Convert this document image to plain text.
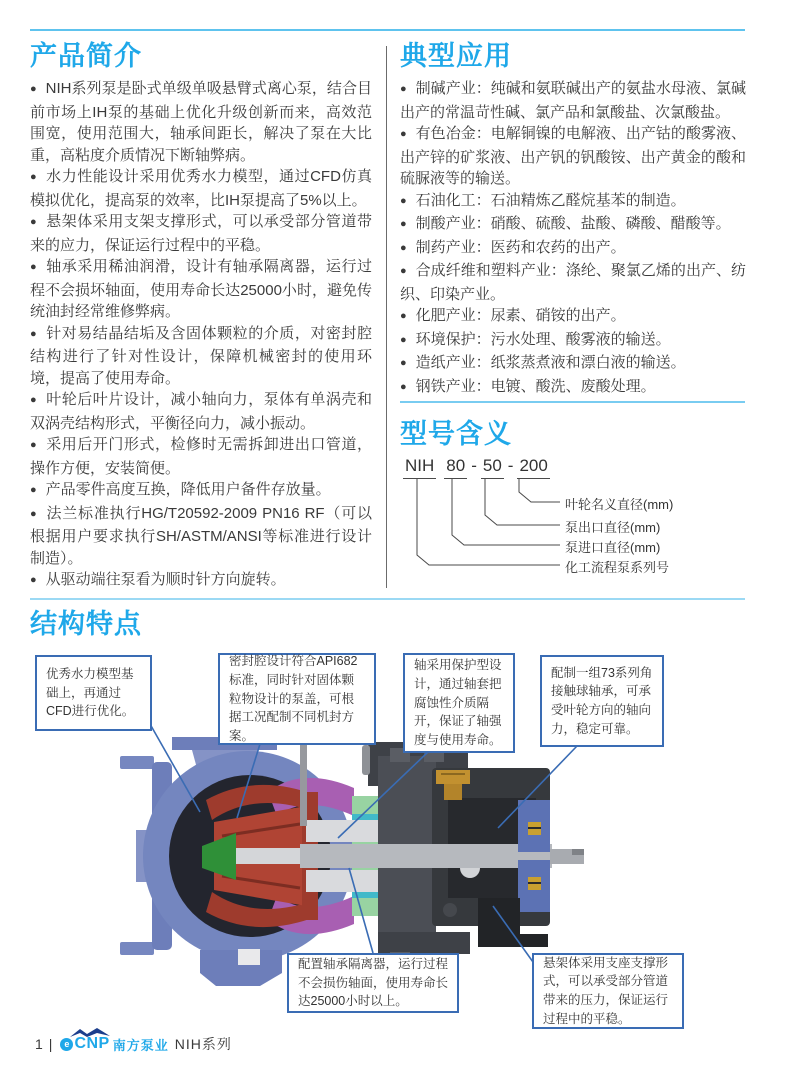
产品简介
● NIH系列泵是卧式单级单吸悬臂式离心泵，结合目前市场上IH泵的基础上优化升级创新而来，高效范围宽，使用范围大，轴承间距长，解决了泵在大比重，高粘度介质情况下断轴弊病。
● 水力性能设计采用优秀水力模型，通过CFD仿真模拟优化，提高泵的效率，比IH泵提高了5%以上。
● 悬架体采用支架支撑形式，可以承受部分管道带来的应力，保证运行过程中的平稳。
● 轴承采用稀油润滑，设计有轴承隔离器，运行过程不会损坏轴面，使用寿命长达25000小时，避免传统油封经常维修弊病。
● 针对易结晶结垢及含固体颗粒的介质，对密封腔结构进行了针对性设计，保障机械密封的使用环境，提高了使用寿命。
● 叶轮后叶片设计，减小轴向力，泵体有单涡壳和双涡壳结构形式，平衡径向力，减小振动。
● 采用后开门形式，检修时无需拆卸进出口管道，操作方便，安装简便。
● 产品零件高度互换，降低用户备件存放量。
● 法兰标准执行HG/T20592-2009 PN16 RF（可以根据用户要求执行SH/ASTM/ANSI等标准进行设计制造）。
● 从驱动端往泵看为顺时针方向旋转。
典型应用
● 制碱产业：纯碱和氨联碱出产的氨盐水母液、氯碱出产的常温苛性碱、氯产品和氯酸盐、次氯酸盐。
● 有色冶金：电解铜镍的电解液、出产钴的酸雾液、出产锌的矿浆液、出产钒的钒酸铵、出产黄金的酸和硫脲液等的输送。
● 石油化工：石油精炼乙醛烷基苯的制造。
● 制酸产业：硝酸、硫酸、盐酸、磷酸、醋酸等。
● 制药产业：医药和农药的出产。
● 合成纤维和塑料产业：涤纶、聚氯乙烯的出产、纺织、印染产业。
● 化肥产业：尿素、硝铵的出产。
● 环境保护：污水处理、酸雾液的输送。
● 造纸产业：纸浆蒸煮液和漂白液的输送。
● 钢铁产业：电镀、酸洗、废酸处理。
型号含义
NIH 80 - 50 - 200
叶轮名义直径(mm)
泵出口直径(mm)
泵进口直径(mm)
化工流程泵系列号
结构特点
优秀水力模型基础上，再通过CFD进行优化。
密封腔设计符合API682标准，同时针对固体颗粒物设计的泵盖，可根据工况配制不同机封方案。
轴采用保护型设计，通过轴套把腐蚀性介质隔开，保证了轴强度与使用寿命。
配制一组73系列角接触球轴承，可承受叶轮方向的轴向力，稳定可靠。
配置轴承隔离器，运行过程不会损伤轴面，使用寿命长达25000小时以上。
悬架体采用支座支撑形式，可以承受部分管道带来的压力，保证运行过程中的平稳。
1 |	e CNP 南方泵业 NIH系列
